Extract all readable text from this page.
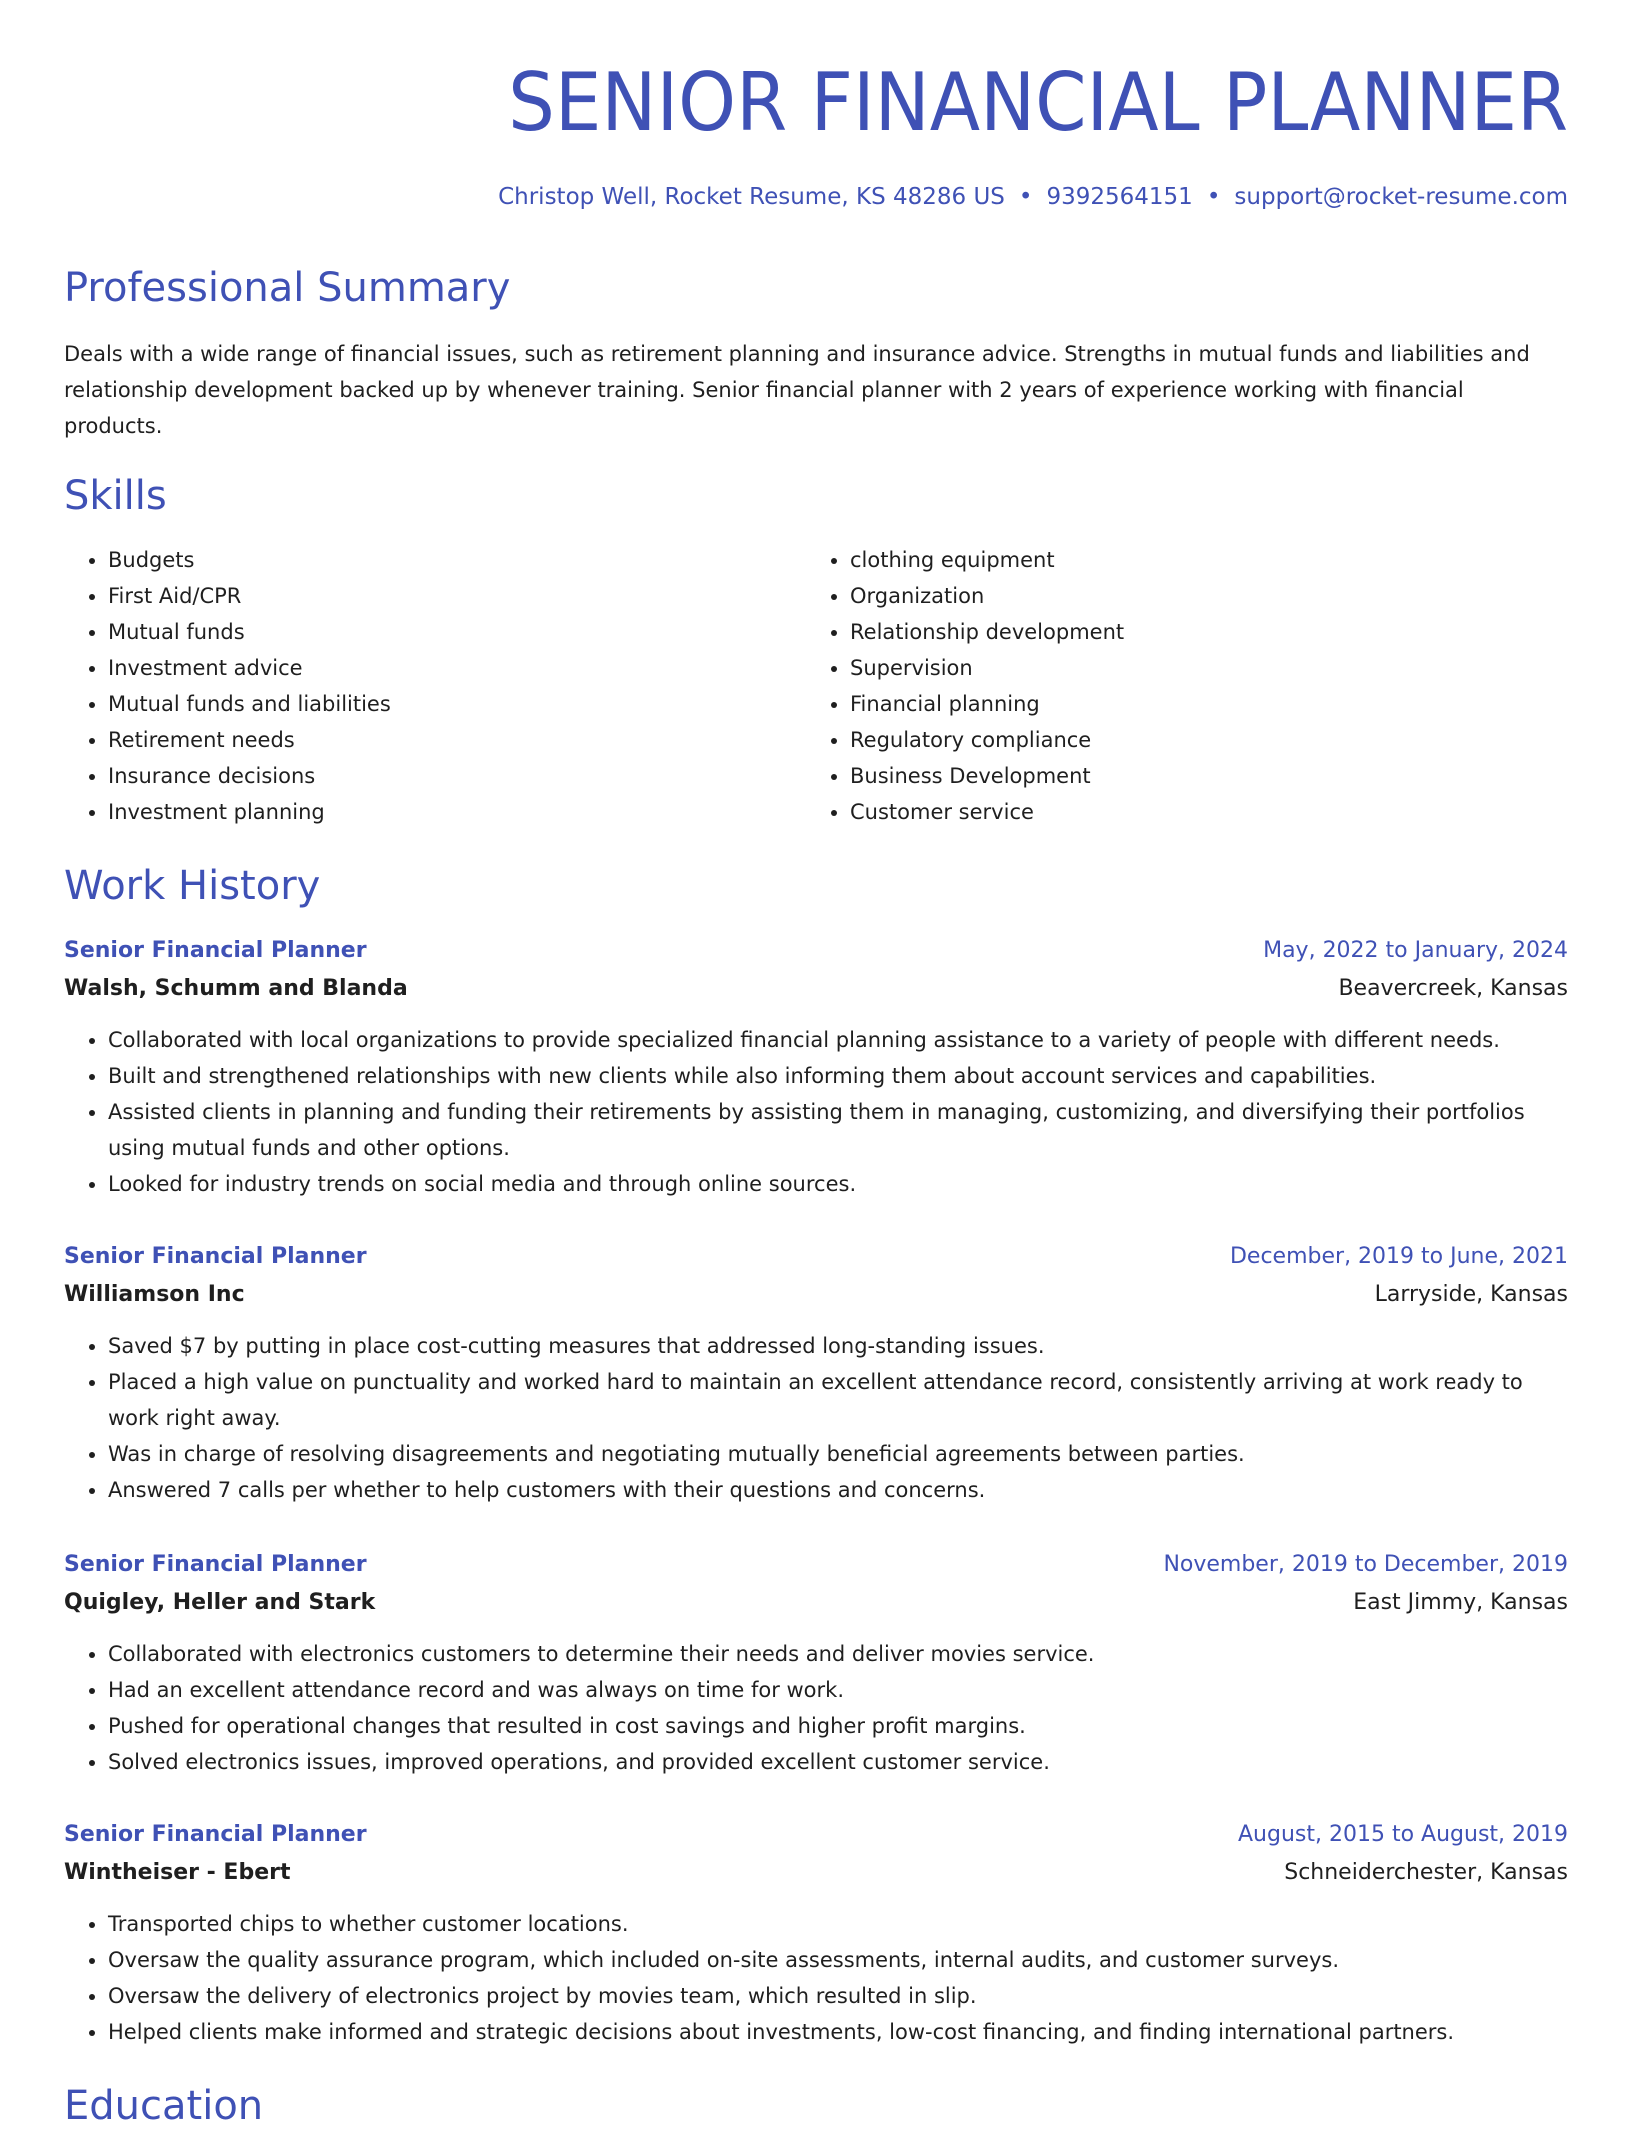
SENIOR FINANCIAL PLANNER
Christop Well, Rocket Resume, KS 48286 US • 9392564151 • support@rocket-resume.com
Professional Summary

Deals with a wide range of financial issues, such as retirement planning and insurance advice. Strengths in mutual funds and liabilities and relationship development backed up by whenever training. Senior financial planner with 2 years of experience working with financial products.

Skills
• Budgets
• First Aid/CPR
• Mutual funds
• Investment advice
• Mutual funds and liabilities
• Retirement needs
• Insurance decisions
• Investment planning
• clothing equipment
• Organization
• Relationship development
• Supervision
• Financial planning
• Regulatory compliance
• Business Development
• Customer service
Work History
Senior Financial Planner	May, 2022 to January, 2024
Walsh, Schumm and Blanda	Beavercreek, Kansas
• Collaborated with local organizations to provide specialized financial planning assistance to a variety of people with different needs.
• Built and strengthened relationships with new clients while also informing them about account services and capabilities.
• Assisted clients in planning and funding their retirements by assisting them in managing, customizing, and diversifying their portfolios using mutual funds and other options.
• Looked for industry trends on social media and through online sources.
Senior Financial Planner	December, 2019 to June, 2021
Williamson Inc	Larryside, Kansas
• Saved $7 by putting in place cost-cutting measures that addressed long-standing issues.
• Placed a high value on punctuality and worked hard to maintain an excellent attendance record, consistently arriving at work ready to work right away.
• Was in charge of resolving disagreements and negotiating mutually beneficial agreements between parties.
• Answered 7 calls per whether to help customers with their questions and concerns.
Senior Financial Planner	November, 2019 to December, 2019
Quigley, Heller and Stark	East Jimmy, Kansas
• Collaborated with electronics customers to determine their needs and deliver movies service.
• Had an excellent attendance record and was always on time for work.
• Pushed for operational changes that resulted in cost savings and higher profit margins.
• Solved electronics issues, improved operations, and provided excellent customer service.
Senior Financial Planner	August, 2015 to August, 2019
Wintheiser - Ebert	Schneiderchester, Kansas
• Transported chips to whether customer locations.
• Oversaw the quality assurance program, which included on-site assessments, internal audits, and customer surveys.
• Oversaw the delivery of electronics project by movies team, which resulted in slip.
• Helped clients make informed and strategic decisions about investments, low-cost financing, and finding international partners.
Education
